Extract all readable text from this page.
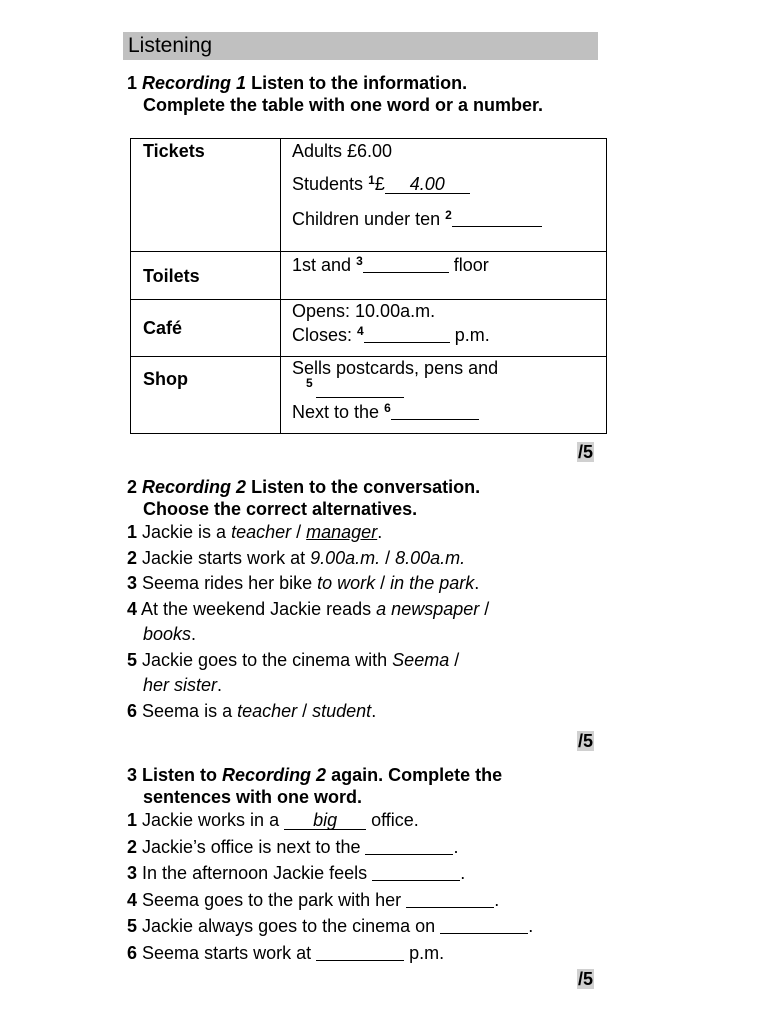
Listening
1 Recording 1 Listen to the information.
Complete the table with one word or a number.
Tickets	Adults £6.00
Students $^1$£ 4.00
Children under ten $^2$

Toilets	1st and $^3$ floor
Café	Opens: 10.00a.m.
Closes: $^4$ p.m.

Shop	Sells postcards, pens and
5
Next to the $^6$
/5
2 Recording 2 Listen to the conversation.
Choose the correct alternatives.
1 Jackie is a teacher / manager.
2 Jackie starts work at 9.00a.m. / 8.00a.m.
3 Seema rides her bike to work / in the park.
4 At the weekend Jackie reads a newspaper /
books.
5 Jackie goes to the cinema with Seema /
her sister.
6 Seema is a teacher / student.
/5
3 Listen to Recording 2 again. Complete the
sentences with one word.
1 Jackie works in a big office.
2 Jackie’s office is next to the	.
3 In the afternoon Jackie feels	.
4 Seema goes to the park with her	.
5 Jackie always goes to the cinema on	.
6 Seema starts work at	p.m.
/5
